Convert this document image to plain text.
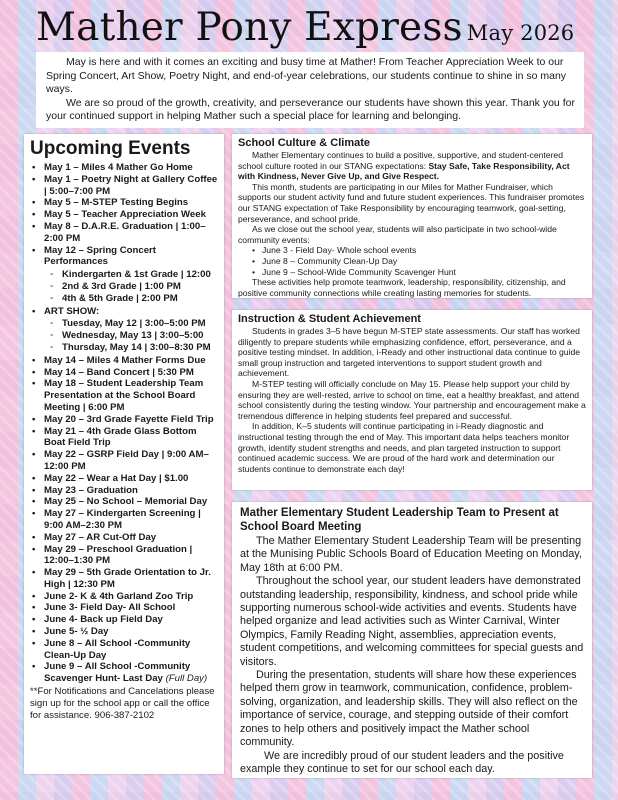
Mather Pony Express May 2026

May is here and with it comes an exciting and busy time at Mather! From Teacher Appreciation Week to our Spring Concert, Art Show, Poetry Night, and end-of-year celebrations, our students continue to shine in so many ways.

We are so proud of the growth, creativity, and perseverance our students have shown this year. Thank you for your continued support in helping Mather such a special place for learning and belonging.

Upcoming Events
• May 1 – Miles 4 Mather Go Home
• May 1 – Poetry Night at Gallery Coffee | 5:00–7:00 PM
• May 5 – M-STEP Testing Begins
• May 5 – Teacher Appreciation Week
• May 8 – D.A.R.E. Graduation | 1:00–2:00 PM
• May 12 – Spring Concert Performances
◦ Kindergarten & 1st Grade | 12:00
◦ 2nd & 3rd Grade | 1:00 PM
◦ 4th & 5th Grade | 2:00 PM
• ART SHOW:
◦ Tuesday, May 12 | 3:00–5:00 PM
◦ Wednesday, May 13 | 3:00–5:00
◦ Thursday, May 14 | 3:00–8:30 PM
• May 14 – Miles 4 Mather Forms Due
• May 14 – Band Concert | 5:30 PM
• May 18 – Student Leadership Team Presentation at the School Board Meeting | 6:00 PM
• May 20 – 3rd Grade Fayette Field Trip
• May 21 – 4th Grade Glass Bottom Boat Field Trip
• May 22 – GSRP Field Day | 9:00 AM–12:00 PM
• May 22 – Wear a Hat Day | $1.00
• May 23 – Graduation
• May 25 – No School – Memorial Day
• May 27 – Kindergarten Screening | 9:00 AM–2:30 PM
• May 27 – AR Cut-Off Day
• May 29 – Preschool Graduation | 12:00–1:30 PM
• May 29 – 5th Grade Orientation to Jr. High | 12:30 PM
• June 2- K & 4th Garland Zoo Trip
• June 3- Field Day- All School
• June 4- Back up Field Day
• June 5- ½ Day
• June 8 – All School -Community Clean-Up Day
• June 9 – All School -Community Scavenger Hunt- Last Day (Full Day)

**For Notifications and Cancelations please sign up for the school app or call the office for assistance. 906-387-2102

School Culture & Climate

Mather Elementary continues to build a positive, supportive, and student-centered school culture rooted in our STANG expectations: Stay Safe, Take Responsibility, Act with Kindness, Never Give Up, and Give Respect.

This month, students are participating in our Miles for Mather Fundraiser, which supports our student activity fund and future student experiences. This fundraiser promotes our STANG expectation of Take Responsibility by encouraging teamwork, goal-setting, perseverance, and school pride.

As we close out the school year, students will also participate in two school-wide community events:

• June 3 - Field Day- Whole school events
• June 8 – Community Clean-Up Day
• June 9 – School-Wide Community Scavenger Hunt

These activities help promote teamwork, leadership, responsibility, citizenship, and positive community connections while creating lasting memories for students.

Instruction & Student Achievement

Students in grades 3–5 have begun M-STEP state assessments. Our staff has worked diligently to prepare students while emphasizing confidence, effort, perseverance, and a positive testing mindset. In addition, i-Ready and other instructional data continue to guide small group instruction and targeted interventions to support student growth and achievement.

M-STEP testing will officially conclude on May 15. Please help support your child by ensuring they are well-rested, arrive to school on time, eat a healthy breakfast, and attend school consistently during the testing window. Your partnership and encouragement make a tremendous difference in helping students feel prepared and successful.

In addition, K–5 students will continue participating in i-Ready diagnostic and instructional testing through the end of May. This important data helps teachers monitor growth, identify student strengths and needs, and plan targeted instruction to support continued academic success. We are proud of the hard work and determination our students continue to demonstrate each day!

Mather Elementary Student Leadership Team to Present at School Board Meeting

The Mather Elementary Student Leadership Team will be presenting at the Munising Public Schools Board of Education Meeting on Monday, May 18th at 6:00 PM.

Throughout the school year, our student leaders have demonstrated outstanding leadership, responsibility, kindness, and school pride while supporting numerous school-wide activities and events. Students have helped organize and lead activities such as Winter Carnival, Winter Olympics, Family Reading Night, assemblies, appreciation events, student competitions, and welcoming committees for special guests and visitors.

During the presentation, students will share how these experiences helped them grow in teamwork, communication, confidence, problem-solving, organization, and leadership skills. They will also reflect on the importance of service, courage, and stepping outside of their comfort zones to help others and positively impact the Mather school community.

We are incredibly proud of our student leaders and the positive example they continue to set for our school each day.
